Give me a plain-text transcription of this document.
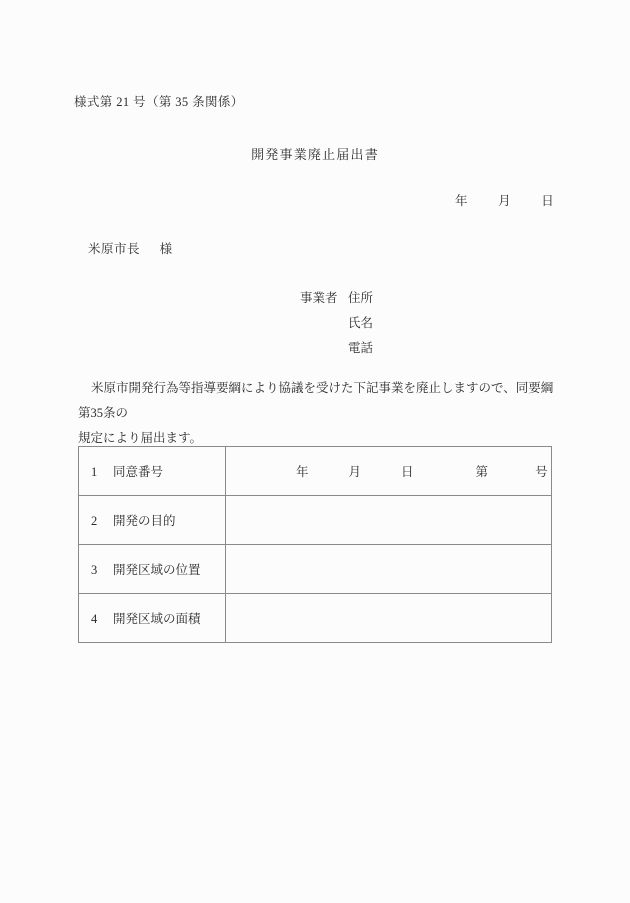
様式第 21 号（第 35 条関係）
開発事業廃止届出書
年 月 日
米原市長 様
事業者 住所
氏名
電話
米原市開発行為等指導要綱により協議を受けた下記事業を廃止しますので、同要綱第35条の
規定により届出ます。
1 同意番号	年 月 日 第 号

2 開発の目的	
3 開発区域の位置	
4 開発区域の面積	
